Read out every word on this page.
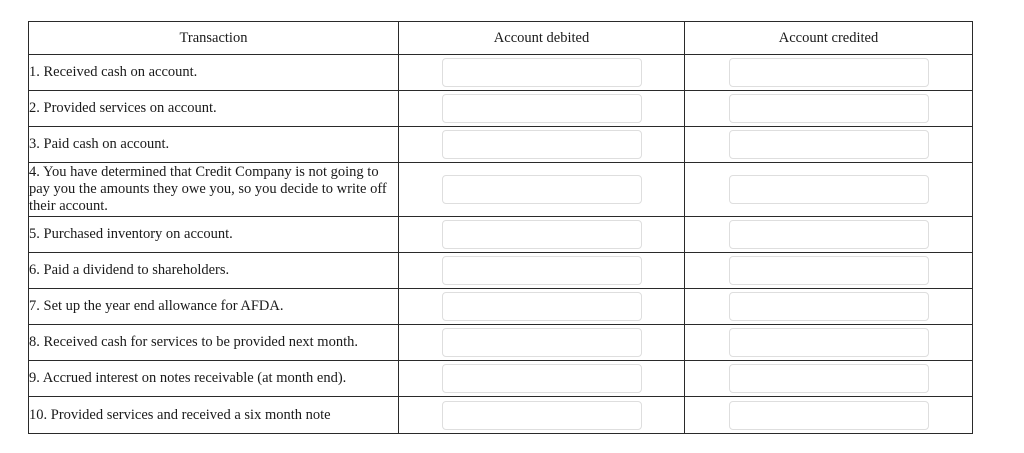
Transaction	Account debited	Account credited
1. Received cash on account.		
2. Provided services on account.		
3. Paid cash on account.		
4. You have determined that Credit Company is not going to pay you the amounts they owe you, so you decide to write off their account.		
5. Purchased inventory on account.		
6. Paid a dividend to shareholders.		
7. Set up the year end allowance for AFDA.		
8. Received cash for services to be provided next month.		
9. Accrued interest on notes receivable (at month end).		
10. Provided services and received a six month note		
